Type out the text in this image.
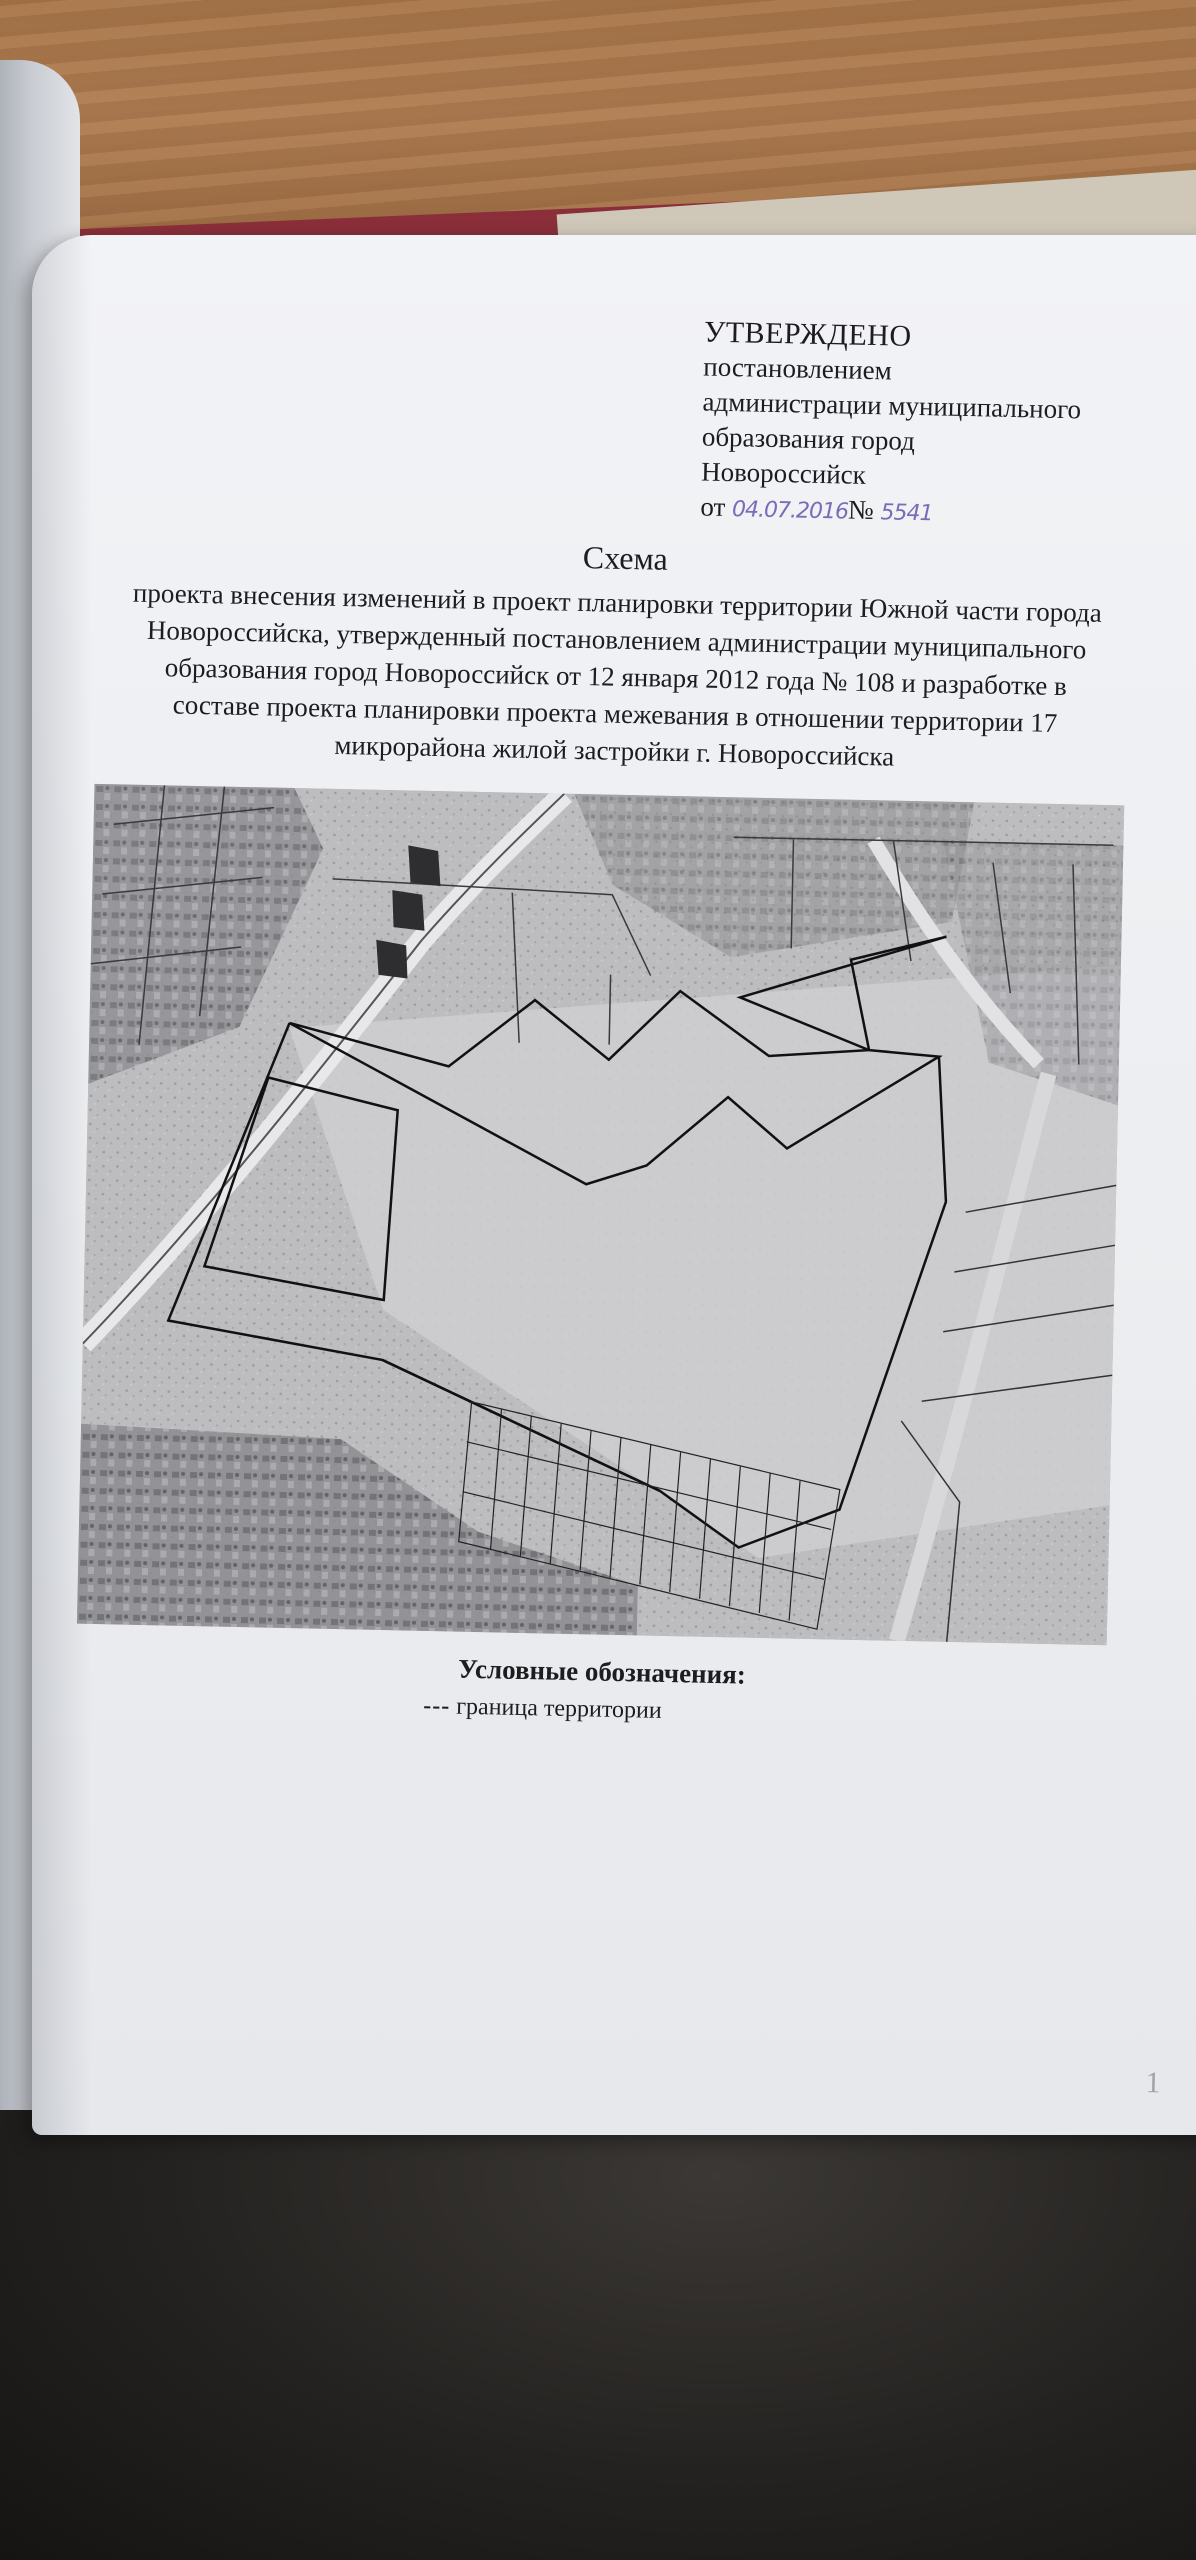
УТВЕРЖДЕНО
постановлением
администрации муниципального
образования город
Новороссийск
от 04.07.2016№ 5541
Схема
проекта внесения изменений в проект планировки территории Южной части города Новороссийска, утвержденный постановлением администрации муниципального образования город Новороссийск от 12 января 2012 года № 108 и разработке в составе проекта планировки проекта межевания в отношении территории 17 микрорайона жилой застройки г. Новороссийска
Условные обозначения:
--- граница территории
1
